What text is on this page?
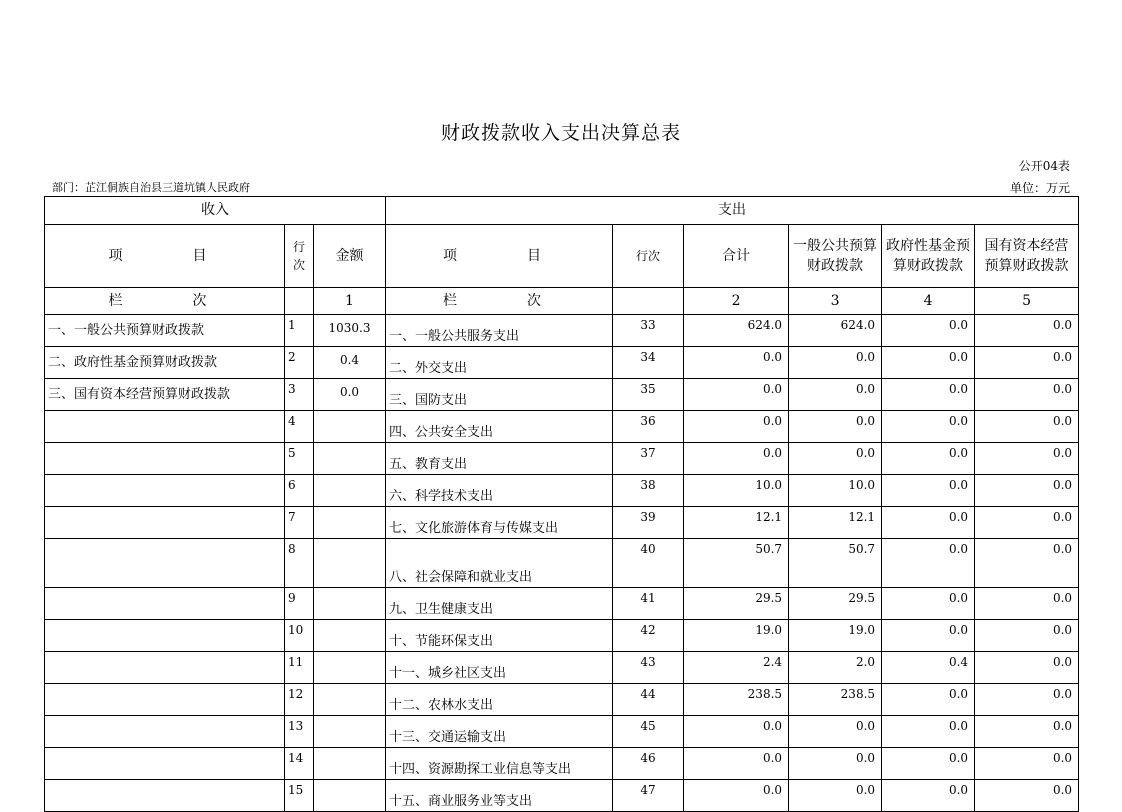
财政拨款收入支出决算总表
公开04表
部门：芷江侗族自治县三道坑镇人民政府	单位：万元
收入			支出					
项　　目	行次	金额	项　　目	行次	合计	一般公共预算财政拨款	政府性基金预算财政拨款	国有资本经营预算财政拨款
栏　　次		1	栏　　次		2	3	4	5
一、一般公共预算财政拨款	1	1030.3	一、一般公共服务支出	33	624.0	624.0	0.0	0.0
二、政府性基金预算财政拨款	2	0.4	二、外交支出	34	0.0	0.0	0.0	0.0
三、国有资本经营预算财政拨款	3	0.0	三、国防支出	35	0.0	0.0	0.0	0.0
	4		四、公共安全支出	36	0.0	0.0	0.0	0.0
	5		五、教育支出	37	0.0	0.0	0.0	0.0
	6		六、科学技术支出	38	10.0	10.0	0.0	0.0
	7		七、文化旅游体育与传媒支出	39	12.1	12.1	0.0	0.0
	8		八、社会保障和就业支出	40	50.7	50.7	0.0	0.0
	9		九、卫生健康支出	41	29.5	29.5	0.0	0.0
	10		十、节能环保支出	42	19.0	19.0	0.0	0.0
	11		十一、城乡社区支出	43	2.4	2.0	0.4	0.0
	12		十二、农林水支出	44	238.5	238.5	0.0	0.0
	13		十三、交通运输支出	45	0.0	0.0	0.0	0.0
	14		十四、资源勘探工业信息等支出	46	0.0	0.0	0.0	0.0
	15		十五、商业服务业等支出	47	0.0	0.0	0.0	0.0
